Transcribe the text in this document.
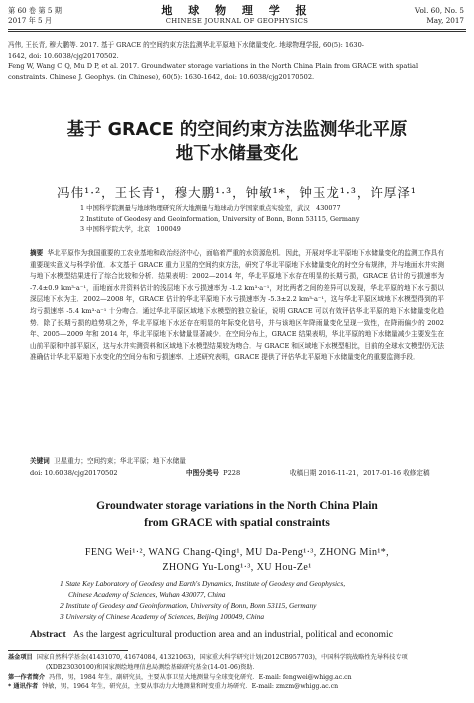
第 60 卷 第 5 期
2017 年 5 月
地 球 物 理 学 报
CHINESE JOURNAL OF GEOPHYSICS
Vol. 60, No. 5
May, 2017
冯伟, 王长青, 穆大鹏等. 2017. 基于 GRACE 的空间约束方法监测华北平原地下水储量变化. 地球物理学报, 60(5): 1630-
1642, doi: 10.6038/cjg20170502.
Feng W, Wang C Q, Mu D P, et al. 2017. Groundwater storage variations in the North China Plain from GRACE with spatial
constraints. Chinese J. Geophys. (in Chinese), 60(5): 1630-1642, doi: 10.6038/cjg20170502.
基于 GRACE 的空间约束方法监测华北平原
地下水储量变化
冯伟¹·²，王长青¹，穆大鹏¹·³，钟敏¹*，钟玉龙¹·³，许厚泽¹
1 中国科学院测量与地球物理研究所大地测量与地球动力学国家重点实验室，武汉　430077
2 Institute of Geodesy and Geoinformation, University of Bonn, Bonn 53115, Germany
3 中国科学院大学，北京　100049
摘要 华北平原作为我国重要的工农业基地和政治经济中心，面临着严重的水资源危机．因此，开展对华北平原地下水储量变化的监测工作具有重要现实意义与科学价值．本文基于 GRACE 重力卫星的空间约束方法，研究了华北平原地下水储量变化的时空分布规律，并与地面水井实测与地下水模型结果进行了综合比较和分析．结果表明：2002—2014 年，华北平原地下水存在明显的长期亏损，GRACE 估计的亏损速率为 -7.4±0.9 km³·a⁻¹，而地面水井资料估计的浅层地下水亏损速率为 -1.2 km³·a⁻¹，对比两者之间的差异可以发现，华北平原的地下水亏损以深层地下水为主．2002—2008 年，GRACE 估计的华北平原地下水亏损速率为 -5.3±2.2 km³·a⁻¹，这与华北平原区域地下水模型得到的平均亏损速率 -5.4 km³·a⁻¹ 十分吻合．通过华北平原区域地下水模型的独立验证，说明 GRACE 可以有效评估华北平原的地下水储量变化趋势．除了长期亏损的趋势项之外，华北平原地下水还存在明显的年际变化信号，并与该地区年降雨量变化呈现一致性，在降雨偏少的 2002 年、2005—2009 年和 2014 年，华北平原地下水储量显著减少．在空间分布上，GRACE 结果表明，华北平原的地下水储量减少主要发生在山前平原和中部平原区，这与水井实测资料和区域地下水模型结果较为吻合．与 GRACE 和区域地下水模型相比，目前的全球水文模型仍无法准确估计华北平原地下水变化的空间分布和亏损速率．上述研究表明，GRACE 提供了评估华北平原地下水储量变化的重要监测手段．
关键词 卫星重力；空间约束；华北平原；地下水储量
doi: 10.6038/cjg20170502	中图分类号 P228	收稿日期 2016-11-21，2017-01-16 收修定稿
Groundwater storage variations in the North China Plain
from GRACE with spatial constraints
FENG Wei¹·², WANG Chang-Qing¹, MU Da-Peng¹·³, ZHONG Min¹*,
ZHONG Yu-Long¹·³, XU Hou-Ze¹
1 State Key Laboratory of Geodesy and Earth's Dynamics, Institute of Geodesy and Geophysics,
Chinese Academy of Sciences, Wuhan 430077, China
2 Institute of Geodesy and Geoinformation, University of Bonn, Bonn 53115, Germany
3 University of Chinese Academy of Sciences, Beijing 100049, China
Abstract As the largest agricultural production area and an industrial, political and economic
基金项目 国家自然科学基金(41431070, 41674084, 41321063)，国家重大科学研究计划(2012CB957703)，中国科学院战略性先导科技专项
(XDB23030100)和国家测绘地理信息局测绘基础研究基金(14-01-06)资助．
第一作者简介 冯伟，男，1984 年生，副研究员，主要从事卫星大地测量与全球变化研究．E-mail: fengwei@whigg.ac.cn
* 通讯作者 钟敏，男，1964 年生，研究员，主要从事动力大地测量和时变重力场研究．E-mail: zmzm@whigg.ac.cn
